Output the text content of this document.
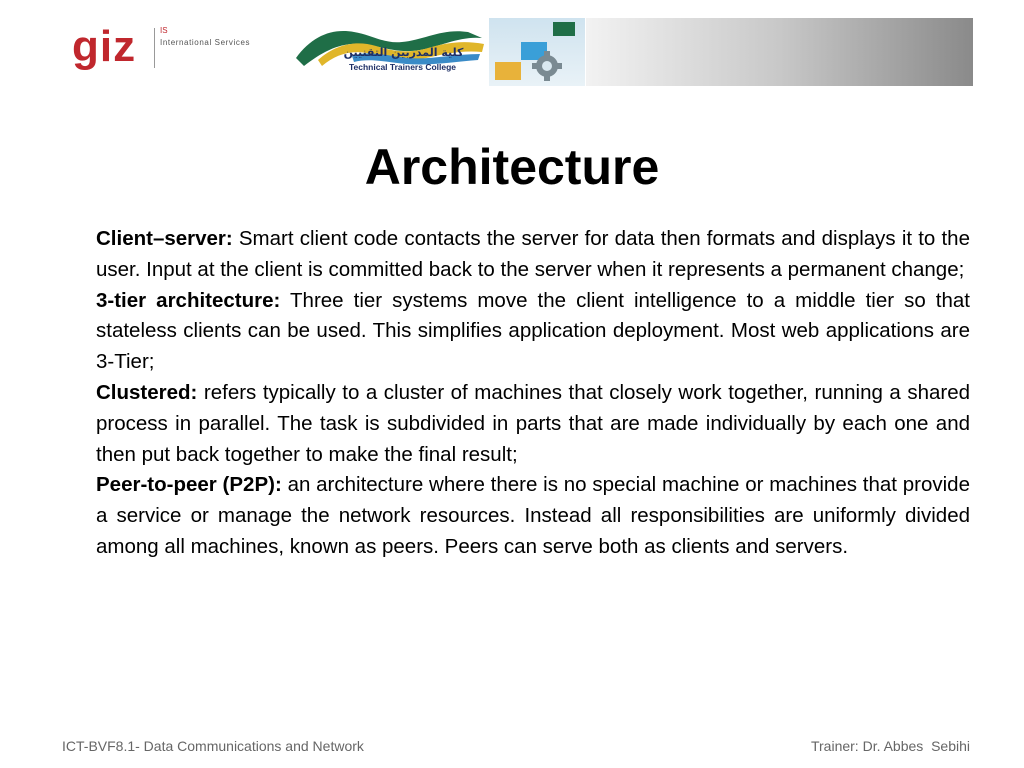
giz	IS
International Services
كلية المدربين التقنيين
Technical Trainers College
Architecture

Client–server: Smart client code contacts the server for data then formats and displays it to the user. Input at the client is committed back to the server when it represents a permanent change;

3-tier architecture: Three tier systems move the client intelligence to a middle tier so that stateless clients can be used. This simplifies application deployment. Most web applications are 3-Tier;

Clustered: refers typically to a cluster of machines that closely work together, running a shared process in parallel. The task is subdivided in parts that are made individually by each one and then put back together to make the final result;

Peer-to-peer (P2P): an architecture where there is no special machine or machines that provide a service or manage the network resources. Instead all responsibilities are uniformly divided among all machines, known as peers. Peers can serve both as clients and servers.

ICT-BVF8.1- Data Communications and Network	Trainer: Dr. Abbes  Sebihi
